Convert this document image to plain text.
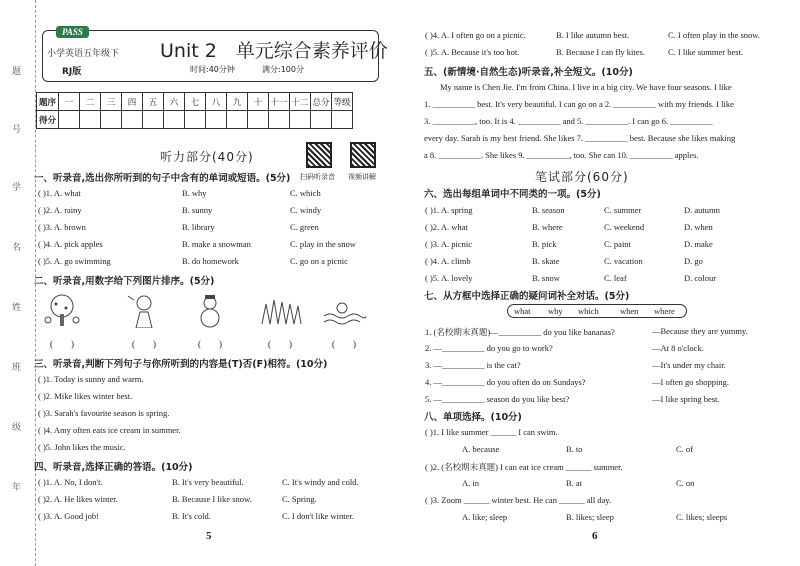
题
号
学
名
姓
班
级
年
PASS
小学英语五年级下
RJ版
Unit 2　单元综合素养评价
时间:40分钟	满分:100分
题序	一	二	三	四	五	六	七	八	九	十	十一	十二	总分	等级
得分														
听力部分(40分)
扫码听录音 视频讲解
一、听录音,选出你所听到的句子中含有的单词或短语。(5分)
( )1. A. what	B. why	C. which
( )2. A. rainy	B. sunny	C. windy
( )3. A. brown	B. library	C. green
( )4. A. pick apples	B. make a snowman	C. play in the snow
( )5. A. go swimming	B. do homework	C. go on a picnic
二、听录音,用数字给下列图片排序。(5分)
(　　)	(　　)	(　　)	(　　)	(　　)
三、听录音,判断下列句子与你所听到的内容是(T)否(F)相符。(10分)
( )1. Today is sunny and warm.
( )2. Mike likes winter best.
( )3. Sarah's favourite season is spring.
( )4. Amy often eats ice cream in summer.
( )5. John likes the music.
四、听录音,选择正确的答语。(10分)
( )1. A. No, I don't.	B. It's very beautiful.	C. It's windy and cold.
( )2. A. He likes winter.	B. Because I like snow.	C. Spring.
( )3. A. Good job!	B. It's cold.	C. I don't like winter.
5
( )4. A. I often go on a picnic.	B. I like autumn best.	C. I often play in the snow.
( )5. A. Because it's too hot.	B. Because I can fly kites.	C. I like summer best.
五、(新情境·自然生态)听录音,补全短文。(10分)
My name is Chen Jie. I'm from China. I live in a big city. We have four seasons. I like
1. __________ best. It's very beautiful. I can go on a 2. __________ with my friends. I like
3. __________, too. It is 4. __________ and 5. __________. I can go 6. __________
every day. Sarah is my best friend. She likes 7. __________ best. Because she likes making
a 8. __________. She likes 9. __________, too. She can 10. __________ apples.
笔试部分(60分)
六、选出每组单词中不同类的一项。(5分)
( )1. A. spring	B. season	C. summer	D. autumn
( )2. A. what	B. where	C. weekend	D. when
( )3. A. picnic	B. pick	C. paint	D. make
( )4. A. climb	B. skate	C. vacation	D. go
( )5. A. lovely	B. snow	C. leaf	D. colour
七、从方框中选择正确的疑问词补全对话。(5分)
what why which when where
1. (名校期末真题)—__________ do you like bananas?	—Because they are yummy.
2. —__________ do you go to work?	—At 8 o'clock.
3. —__________ is the cat?	—It's under my chair.
4. —__________ do you often do on Sundays?	—I often go shopping.
5. —__________ season do you like best?	—I like spring best.
八、单项选择。(10分)
( )1. I like summer ______ I can swim.
A. because	B. to	C. of
( )2. (名校期末真题) I can eat ice cream ______ summer.
A. in	B. at	C. on
( )3. Zoom ______ winter best. He can ______ all day.
A. like; sleep	B. likes; sleep	C. likes; sleeps
6
